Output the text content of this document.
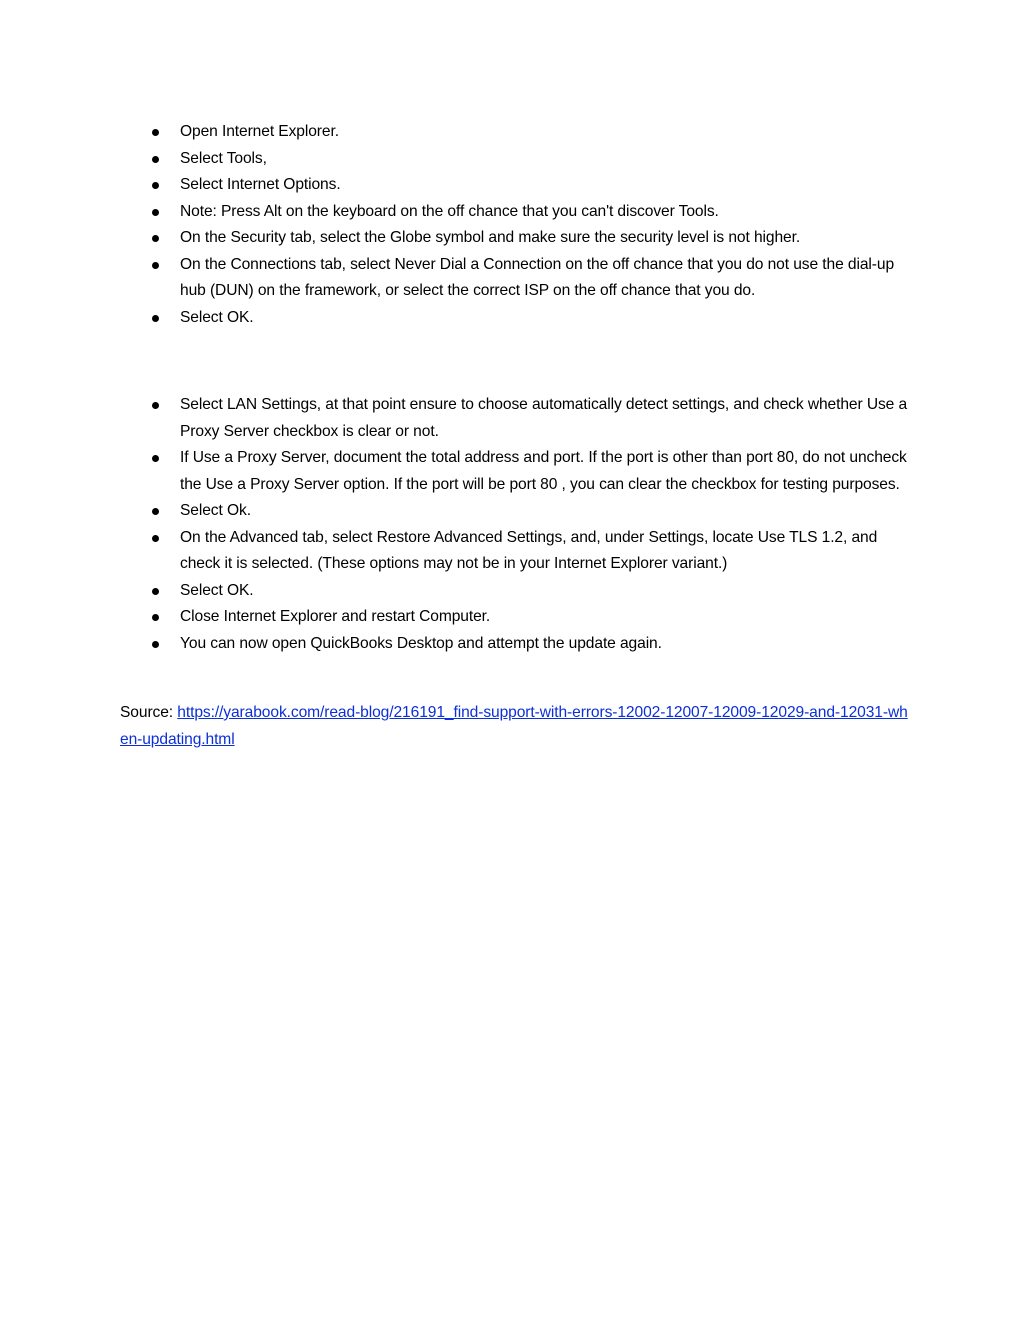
Open Internet Explorer.
Select Tools,
Select Internet Options.
Note: Press Alt on the keyboard on the off chance that you can't discover Tools.
On the Security tab, select the Globe symbol and make sure the security level is not higher.
On the Connections tab, select Never Dial a Connection on the off chance that you do not use the dial-up hub (DUN) on the framework, or select the correct ISP on the off chance that you do.
Select OK.
Select LAN Settings, at that point ensure to choose automatically detect settings, and check whether Use a Proxy Server checkbox is clear or not.
If Use a Proxy Server, document the total address and port. If the port is other than port 80, do not uncheck the Use a Proxy Server option. If the port will be port 80 , you can clear the checkbox for testing purposes.
Select Ok.
On the Advanced tab, select Restore Advanced Settings, and, under Settings, locate Use TLS 1.2, and check it is selected. (These options may not be in your Internet Explorer variant.)
Select OK.
Close Internet Explorer and restart Computer.
You can now open QuickBooks Desktop and attempt the update again.
Source: https://yarabook.com/read-blog/216191_find-support-with-errors-12002-12007-12009-12029-and-12031-when-updating.html
